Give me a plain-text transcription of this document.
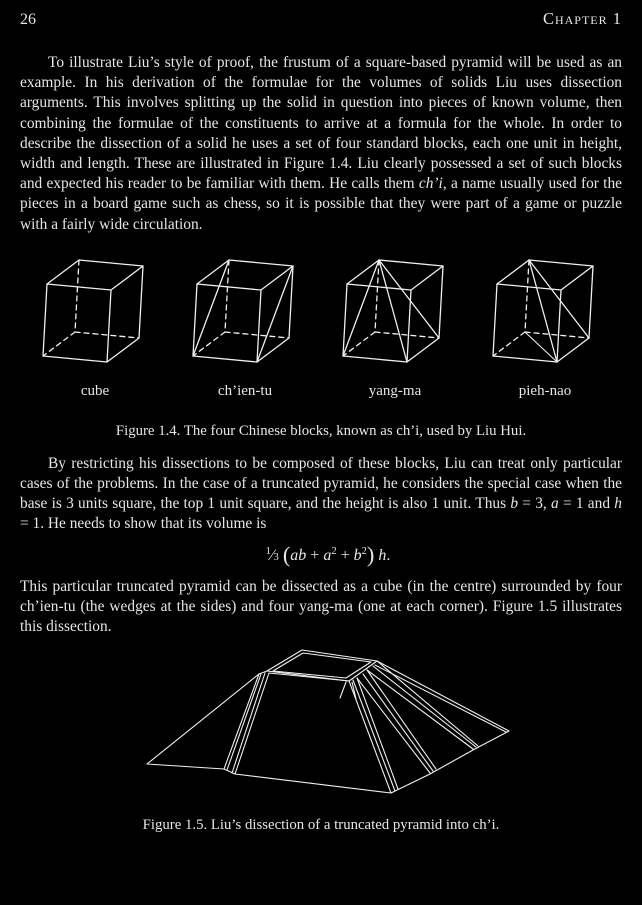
26	Chapter 1

To illustrate Liu’s style of proof, the frustum of a square-based pyramid will be used as an example. In his derivation of the formulae for the volumes of solids Liu uses dissection arguments. This involves splitting up the solid in question into pieces of known volume, then combining the formulae of the constituents to arrive at a formula for the whole. In order to describe the dissection of a solid he uses a set of four standard blocks, each one unit in height, width and length. These are illustrated in Figure 1.4. Liu clearly possessed a set of such blocks and expected his reader to be familiar with them. He calls them ch’i, a name usually used for the pieces in a board game such as chess, so it is possible that they were part of a game or puzzle with a fairly wide circulation.

cube	ch’ien-tu	yang-ma	pieh-nao
Figure 1.4. The four Chinese blocks, known as ch’i, used by Liu Hui.

By restricting his dissections to be composed of these blocks, Liu can treat only particular cases of the problems. In the case of a truncated pyramid, he considers the special case when the base is 3 units square, the top 1 unit square, and the height is also 1 unit. Thus b = 3, a = 1 and h = 1. He needs to show that its volume is

$^1$⁄3 $(ab + a^2 + b^2)$ h.

This particular truncated pyramid can be dissected as a cube (in the centre) surrounded by four ch’ien-tu (the wedges at the sides) and four yang-ma (one at each corner). Figure 1.5 illustrates this dissection.

Figure 1.5. Liu’s dissection of a truncated pyramid into ch’i.
